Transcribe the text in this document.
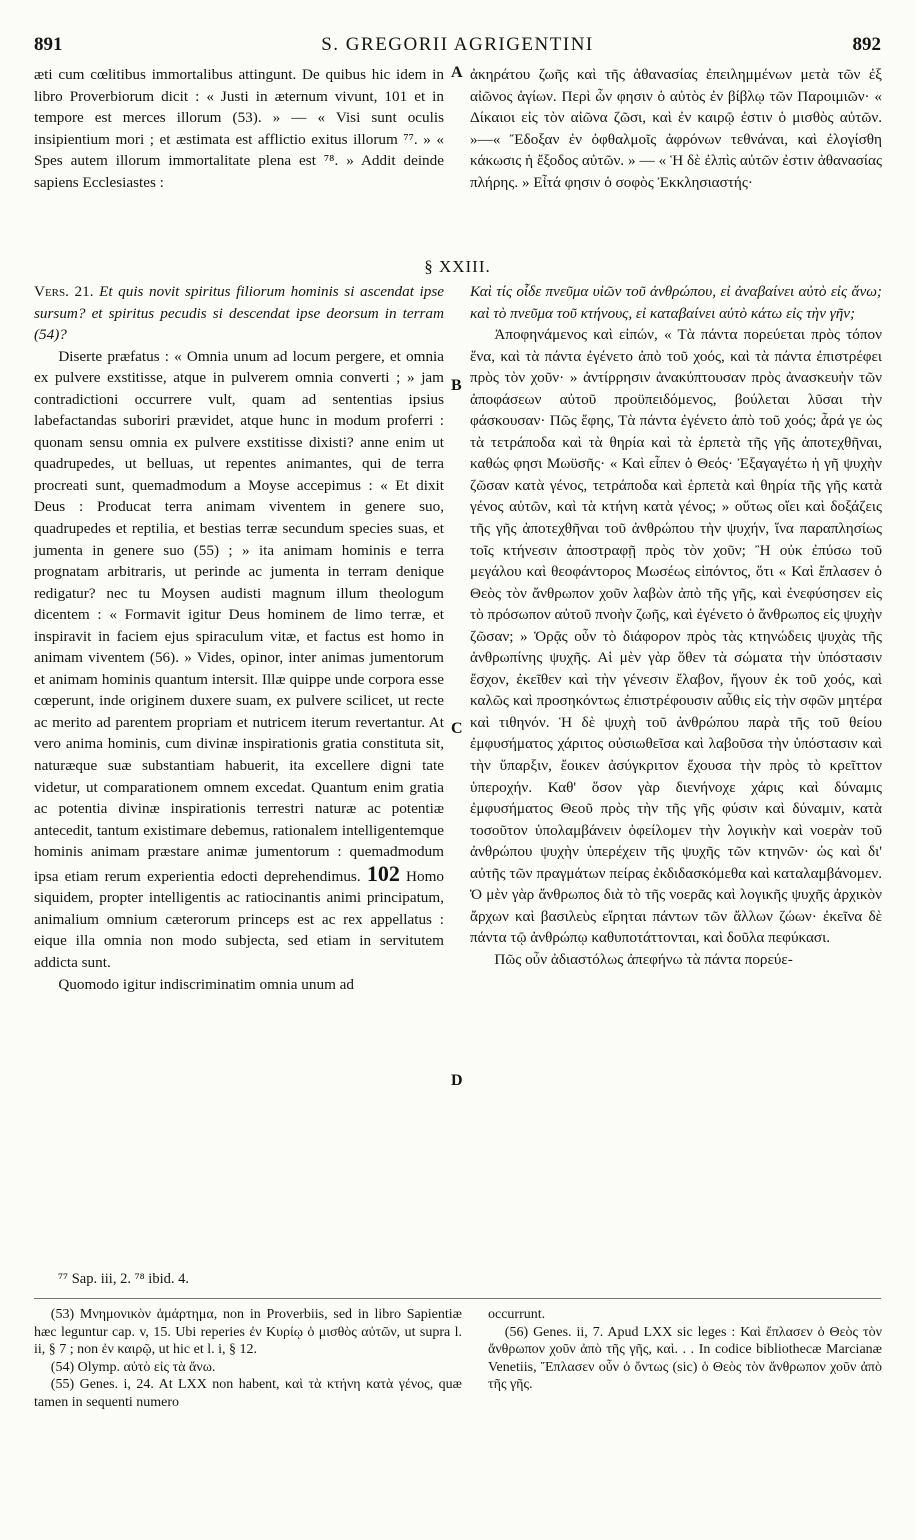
891	S. GREGORII AGRIGENTINI	892

æti cum cœlitibus immortalibus attingunt. De quibus hic idem in libro Proverbiorum dicit : « Justi in æternum vivunt, 101 et in tempore est merces illorum (53). » — « Visi sunt oculis insipientium mori ; et æstimata est afflictio exitus illorum ⁷⁷. » « Spes autem illorum immortalitate plena est ⁷⁸. » Addit deinde sapiens Ecclesiastes :

ἀκηράτου ζωῆς καὶ τῆς ἀθανασίας ἐπειλημμένων μετὰ τῶν ἐξ αἰῶνος ἁγίων. Περὶ ὧν φησιν ὁ αὐτὸς ἐν βίβλῳ τῶν Παροιμιῶν· « Δίκαιοι εἰς τὸν αἰῶνα ζῶσι, καὶ ἐν καιρῷ ἐστιν ὁ μισθὸς αὐτῶν. »—« Ἔδοξαν ἐν ὀφθαλμοῖς ἀφρόνων τεθνάναι, καὶ ἐλογίσθη κάκωσις ἡ ἔξοδος αὐτῶν. » — « Ἡ δὲ ἐλπὶς αὐτῶν ἐστιν ἀθανασίας πλήρης. » Εἶτά φησιν ὁ σοφὸς Ἐκκλησιαστής·

§ XXIII.
A
B
C
D

Vers. 21. Et quis novit spiritus filiorum hominis si ascendat ipse sursum? et spiritus pecudis si descendat ipse deorsum in terram (54)?

Diserte præfatus : « Omnia unum ad locum pergere, et omnia ex pulvere exstitisse, atque in pulverem omnia converti ; » jam contradictioni occurrere vult, quam ad sententias ipsius labefactandas suboriri prævidet, atque hunc in modum proferri : quonam sensu omnia ex pulvere exstitisse dixisti? anne enim ut quadrupedes, ut belluas, ut repentes animantes, qui de terra procreati sunt, quemadmodum a Moyse accepimus : « Et dixit Deus : Producat terra animam viventem in genere suo, quadrupedes et reptilia, et bestias terræ secundum species suas, et jumenta in genere suo (55) ; » ita animam hominis e terra prognatam arbitraris, ut perinde ac jumenta in terram denique redigatur? nec tu Moysen audisti magnum illum theologum dicentem : « Formavit igitur Deus hominem de limo terræ, et inspiravit in faciem ejus spiraculum vitæ, et factus est homo in animam viventem (56). » Vides, opinor, inter animas jumentorum et animam hominis quantum intersit. Illæ quippe unde corpora esse cœperunt, inde originem duxere suam, ex pulvere scilicet, ut recte ac merito ad parentem propriam et nutricem iterum revertantur. At vero anima hominis, cum divinæ inspirationis gratia constituta sit, naturæque suæ substantiam habuerit, ita excellere digni tate videtur, ut comparationem omnem excedat. Quantum enim gratia ac potentia divinæ inspirationis terrestri naturæ ac potentiæ antecedit, tantum existimare debemus, rationalem intelligentemque hominis animam præstare animæ jumentorum : quemadmodum ipsa etiam rerum experientia edocti deprehendimus. 102 Homo siquidem, propter intelligentis ac ratiocinantis animi principatum, animalium omnium cæterorum princeps est ac rex appellatus : eique illa omnia non modo subjecta, sed etiam in servitutem addicta sunt.

Quomodo igitur indiscriminatim omnia unum ad

Καὶ τίς οἶδε πνεῦμα υἱῶν τοῦ ἀνθρώπου, εἰ ἀναβαίνει αὐτὸ εἰς ἄνω; καὶ τὸ πνεῦμα τοῦ κτήνους, εἰ καταβαίνει αὐτὸ κάτω εἰς τὴν γῆν;

Ἀποφηνάμενος καὶ εἰπών, « Τὰ πάντα πορεύεται πρὸς τόπον ἕνα, καὶ τὰ πάντα ἐγένετο ἀπὸ τοῦ χοός, καὶ τὰ πάντα ἐπιστρέφει πρὸς τὸν χοῦν· » ἀντίρρησιν ἀνακύπτουσαν πρὸς ἀνασκευὴν τῶν ἀποφάσεων αὐτοῦ προϋπειδόμενος, βούλεται λῦσαι τὴν φάσκουσαν· Πῶς ἔφης, Τὰ πάντα ἐγένετο ἀπὸ τοῦ χοός; ἆρά γε ὡς τὰ τετράποδα καὶ τὰ θηρία καὶ τὰ ἑρπετὰ τῆς γῆς ἀποτεχθῆναι, καθώς φησι Μωϋσῆς· « Καὶ εἶπεν ὁ Θεός· Ἐξαγαγέτω ἡ γῆ ψυχὴν ζῶσαν κατὰ γένος, τετράποδα καὶ ἑρπετὰ καὶ θηρία τῆς γῆς κατὰ γένος αὐτῶν, καὶ τὰ κτήνη κατὰ γένος; » οὕτως οἴει καὶ δοξάζεις τῆς γῆς ἀποτεχθῆναι τοῦ ἀνθρώπου τὴν ψυχήν, ἵνα παραπλησίως τοῖς κτήνεσιν ἀποστραφῇ πρὸς τὸν χοῦν; Ἢ οὐκ ἐπύσω τοῦ μεγάλου καὶ θεοφάντορος Μωσέως εἰπόντος, ὅτι « Καὶ ἔπλασεν ὁ Θεὸς τὸν ἄνθρωπον χοῦν λαβὼν ἀπὸ τῆς γῆς, καὶ ἐνεφύσησεν εἰς τὸ πρόσωπον αὐτοῦ πνοὴν ζωῆς, καὶ ἐγένετο ὁ ἄνθρωπος εἰς ψυχὴν ζῶσαν; » Ὁρᾷς οὖν τὸ διάφορον πρὸς τὰς κτηνώδεις ψυχὰς τῆς ἀνθρωπίνης ψυχῆς. Αἱ μὲν γὰρ ὅθεν τὰ σώματα τὴν ὑπόστασιν ἔσχον, ἐκεῖθεν καὶ τὴν γένεσιν ἔλαβον, ἤγουν ἐκ τοῦ χοός, καὶ καλῶς καὶ προσηκόντως ἐπιστρέφουσιν αὖθις εἰς τὴν σφῶν μητέρα καὶ τιθηνόν. Ἡ δὲ ψυχὴ τοῦ ἀνθρώπου παρὰ τῆς τοῦ θείου ἐμφυσήματος χάριτος οὐσιωθεῖσα καὶ λαβοῦσα τὴν ὑπόστασιν καὶ τὴν ὕπαρξιν, ἔοικεν ἀσύγκριτον ἔχουσα τὴν πρὸς τὸ κρεῖττον ὑπεροχήν. Καθ' ὅσον γὰρ διενήνοχε χάρις καὶ δύναμις ἐμφυσήματος Θεοῦ πρὸς τὴν τῆς γῆς φύσιν καὶ δύναμιν, κατὰ τοσοῦτον ὑπολαμβάνειν ὀφείλομεν τὴν λογικὴν καὶ νοερὰν τοῦ ἀνθρώπου ψυχὴν ὑπερέχειν τῆς ψυχῆς τῶν κτηνῶν· ὡς καὶ δι' αὐτῆς τῶν πραγμάτων πείρας ἐκδιδασκόμεθα καὶ καταλαμβάνομεν. Ὁ μὲν γὰρ ἄνθρωπος διὰ τὸ τῆς νοερᾶς καὶ λογικῆς ψυχῆς ἀρχικὸν ἄρχων καὶ βασιλεὺς εἴρηται πάντων τῶν ἄλλων ζώων· ἐκεῖνα δὲ πάντα τῷ ἀνθρώπῳ καθυποτάττονται, καὶ δοῦλα πεφύκασι.

Πῶς οὖν ἀδιαστόλως ἀπεφήνω τὰ πάντα πορεύε-

⁷⁷ Sap. iii, 2. ⁷⁸ ibid. 4.

(53) Μνημονικὸν ἁμάρτημα, non in Proverbiis, sed in libro Sapientiæ hæc leguntur cap. v, 15. Ubi reperies ἐν Κυρίῳ ὁ μισθὸς αὐτῶν, ut supra l. ii, § 7 ; non ἐν καιρῷ, ut hic et l. i, § 12.

(54) Olymp. αὐτὸ εἰς τὰ ἄνω.

(55) Genes. i, 24. At LXX non habent, καὶ τὰ κτήνη κατὰ γένος, quæ tamen in sequenti numero

occurrunt.

(56) Genes. ii, 7. Apud LXX sic leges : Καὶ ἔπλασεν ὁ Θεὸς τὸν ἄνθρωπον χοῦν ἀπὸ τῆς γῆς, καὶ. . . In codice bibliothecæ Marcianæ Venetiis, Ἔπλασεν οὖν ὁ ὄντως (sic) ὁ Θεὸς τὸν ἄνθρωπον χοῦν ἀπὸ τῆς γῆς.
